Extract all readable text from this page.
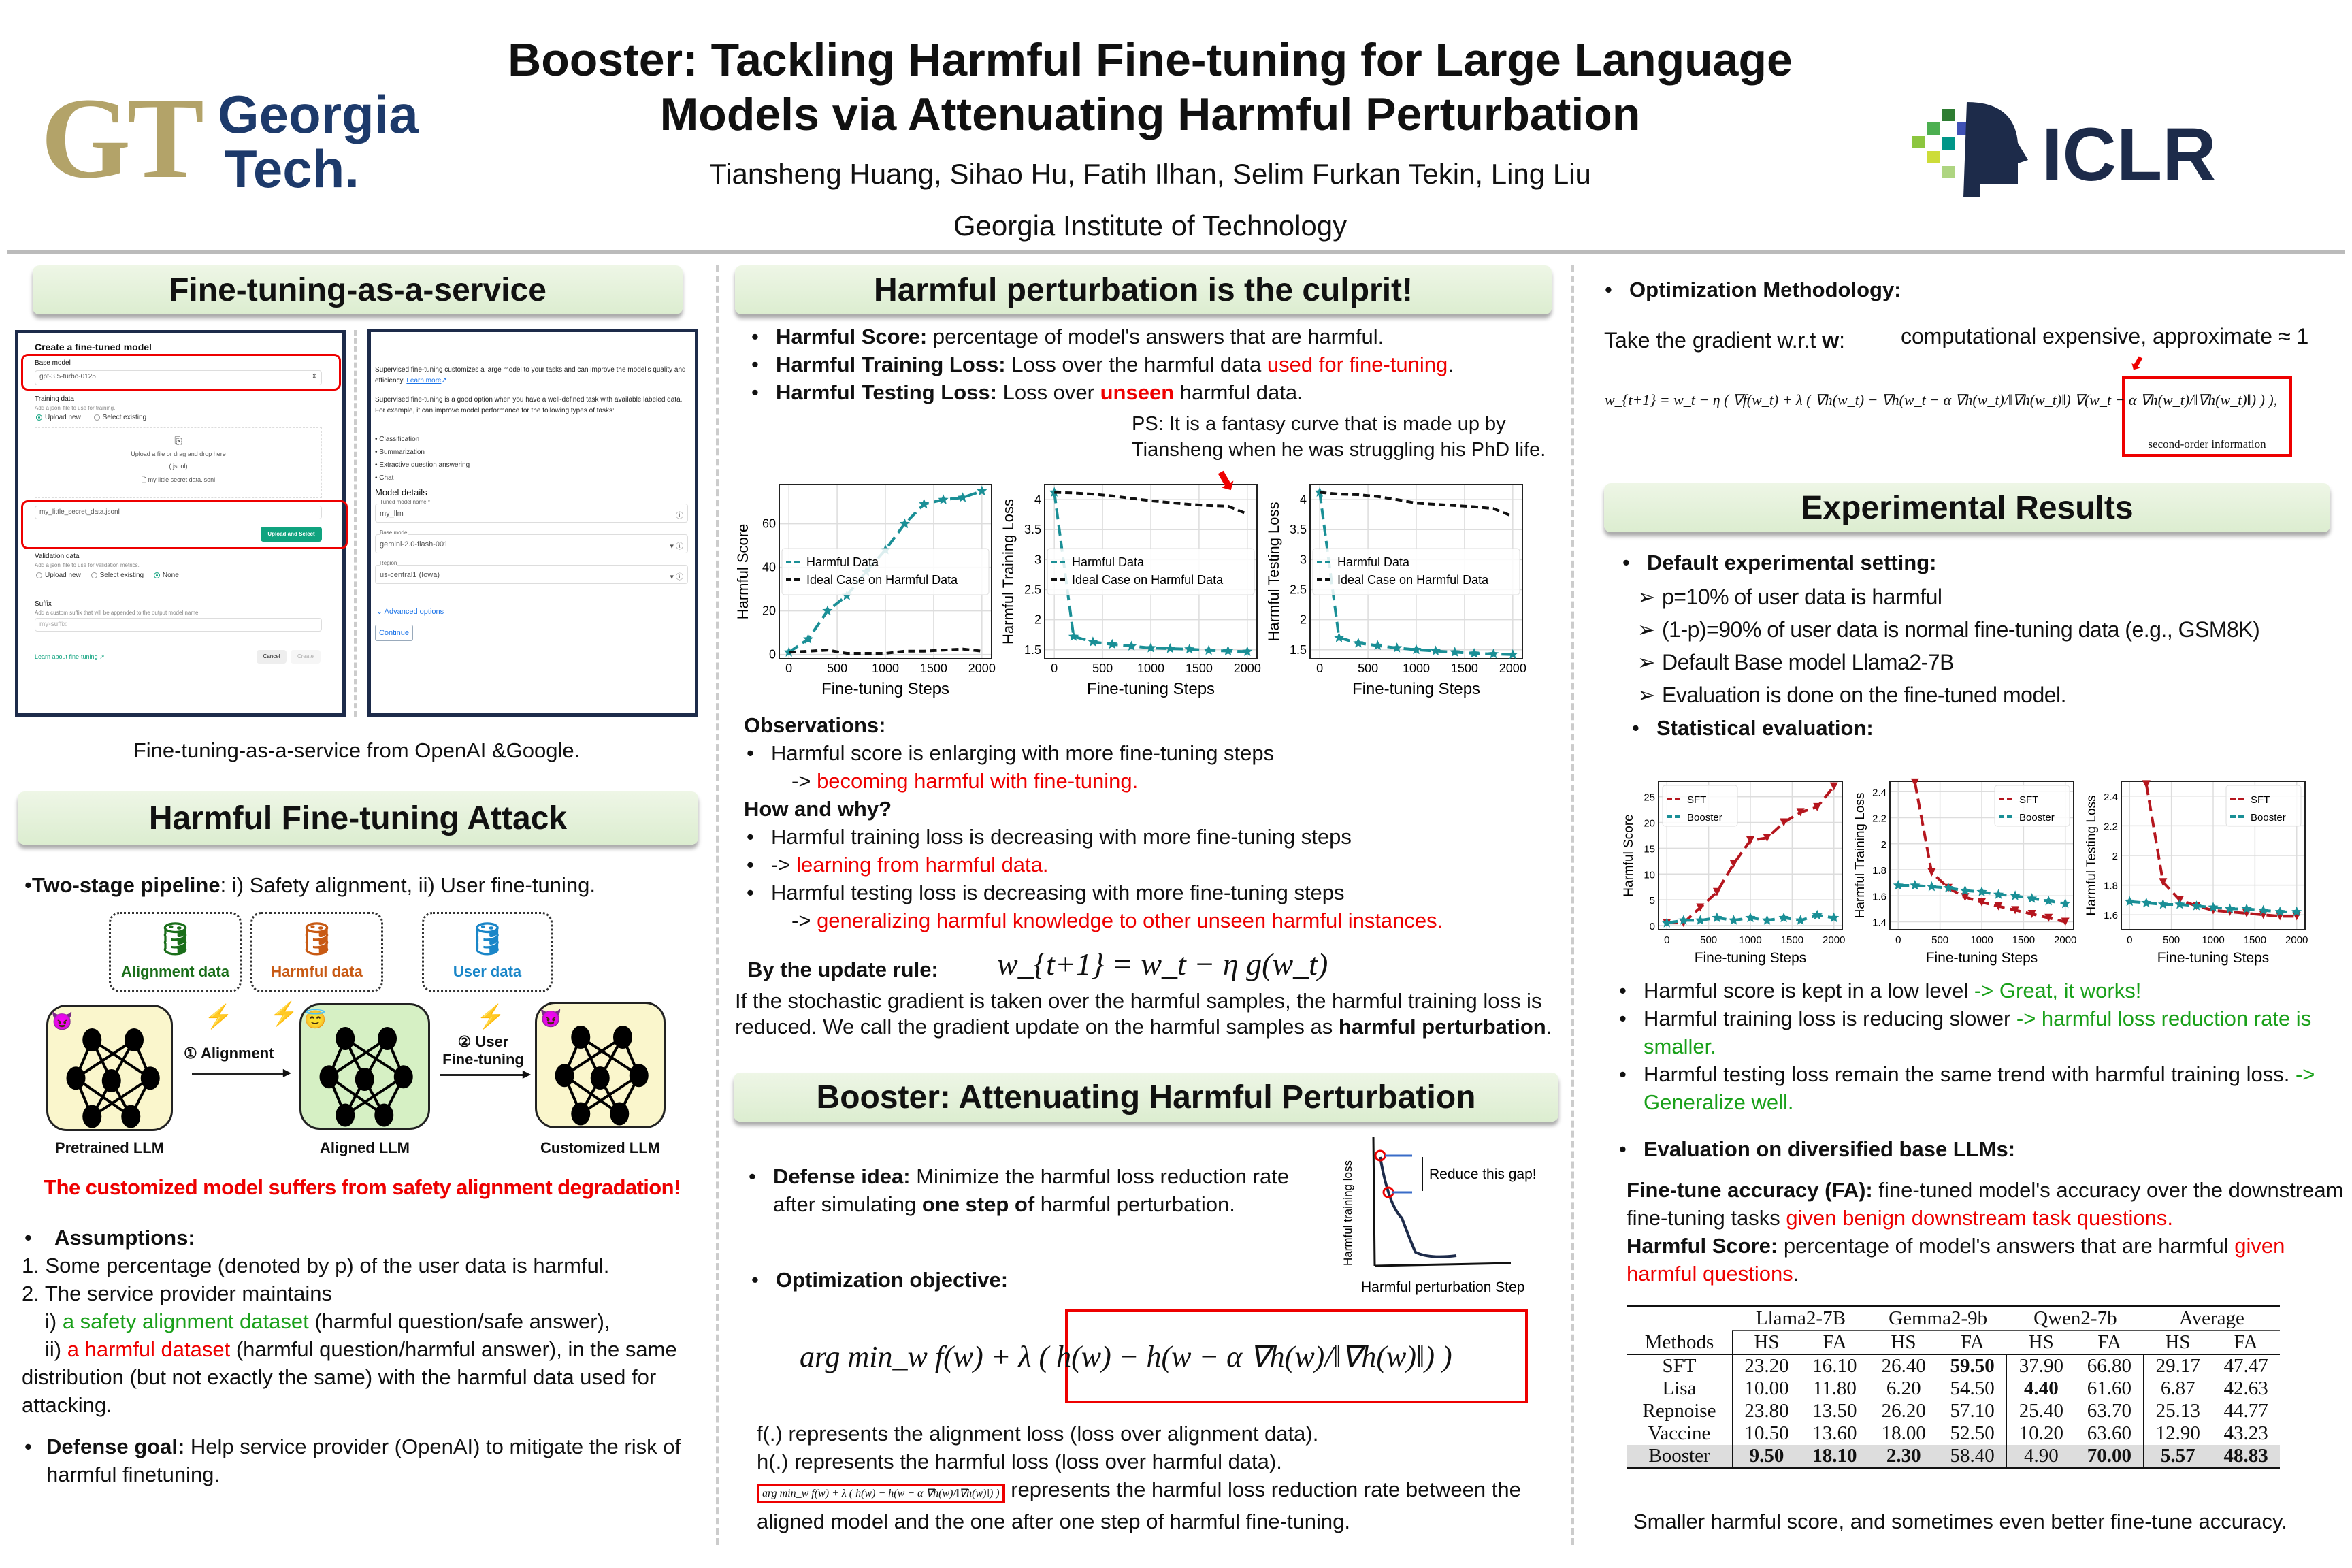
GT Georgia
Tech.	ICLR
Booster: Tackling Harmful Fine-tuning for Large Language
Models via Attenuating Harmful Perturbation
Tiansheng Huang, Sihao Hu, Fatih Ilhan, Selim Furkan Tekin, Ling Liu
Georgia Institute of Technology
Fine-tuning-as-a-service
Create a fine-tuned model
Base model
gpt-3.5-turbo-0125	⇕
Training data
Add a jsonl file to use for training.
Upload new	Select existing
⎘
Upload a file or drag and drop here
(.jsonl)
🗋 my little secret data.jsonl
my_little_secret_data.jsonl
Upload and Select
Validation data
Add a jsonl file to use for validation metrics.
Upload new	Select existing	None
Suffix
Add a custom suffix that will be appended to the output model name.
my-suffix
Learn about fine-tuning ↗	Cancel	Create
Supervised fine-tuning customizes a large model to your tasks and can improve the model's quality and efficiency. Learn more↗
Supervised fine-tuning is a good option when you have a well-defined task with available labeled data. For example, it can improve model performance for the following types of tasks:
• Classification
• Summarization
• Extractive question answering
• Chat
Model details
Tuned model name *
my_llm	ⓘ
Base model
gemini-2.0-flash-001	▾ ⓘ
Region
us-central1 (Iowa)	▾ ⓘ
⌄ Advanced options
Continue
Fine-tuning-as-a-service from OpenAI &Google.
Harmful Fine-tuning Attack
•Two-stage pipeline: i) Safety alignment, ii) User fine-tuning.
🛢
Alignment data
🛢
Harmful data
🛢
User data
😈	😇	😈
⚡ ⚡	⚡
① Alignment
▶
② User
Fine-tuning
▶
Pretrained LLM	Aligned LLM	Customized LLM
The customized model suffers from safety alignment degradation!
• Assumptions:
1. Some percentage (denoted by p) of the user data is harmful.
2. The service provider maintains
i) a safety alignment dataset (harmful question/safe answer),
ii) a harmful dataset (harmful question/harmful answer), in the same distribution (but not exactly the same) with the harmful data used for attacking.
• Defense goal: Help service provider (OpenAI) to mitigate the risk of harmful finetuning.
Harmful perturbation is the culprit!
• Harmful Score: percentage of model's answers that are harmful.
• Harmful Training Loss: Loss over the harmful data used for fine-tuning.
• Harmful Testing Loss: Loss over unseen harmful data.
PS: It is a fantasy curve that is made up by
Tiansheng when he was struggling his PhD life.
0	500 1000 1500 2000
0
20
40
60
Fine-tuning Steps
Harmful Score	Harmful Data
Ideal Case on Harmful Data
0	500 1000 1500 2000
1.5
2
2.5
3
3.5
4
Fine-tuning Steps
Harmful Training Loss	Harmful Data
Ideal Case on Harmful Data
0	500 1000 1500 2000
1.5
2
2.5
3
3.5
4
Fine-tuning Steps
Harmful Testing Loss	Harmful Data
Ideal Case on Harmful Data
⬇
Observations:
• Harmful score is enlarging with more fine-tuning steps
-> becoming harmful with fine-tuning.
How and why?
• Harmful training loss is decreasing with more fine-tuning steps
• -> learning from harmful data.
• Harmful testing loss is decreasing with more fine-tuning steps
-> generalizing harmful knowledge to other unseen harmful instances.
By the update rule: w_{t+1} = w_t − η g(w_t)
If the stochastic gradient is taken over the harmful samples, the harmful training loss is reduced. We call the gradient update on the harmful samples as harmful perturbation.
Booster: Attenuating Harmful Perturbation
• Defense idea: Minimize the harmful loss reduction rate after simulating one step of harmful perturbation.	Harmful training loss
Harmful perturbation Step
Reduce this gap!
• Optimization objective:
arg min_w f(w) + λ ( h(w) − h(w − α ∇h(w)/‖∇h(w)‖) )
f(.) represents the alignment loss (loss over alignment data).
h(.) represents the harmful loss (loss over harmful data).
arg min_w f(w) + λ ( h(w) − h(w − α ∇h(w)/‖∇h(w)‖) ) represents the harmful loss reduction rate between the aligned model and the one after one step of harmful fine-tuning.
• Optimization Methodology:
Take the gradient w.r.t w:	computational expensive, approximate ≈ 1
⬇
w_{t+1} = w_t − η ( ∇f(w_t) + λ ( ∇h(w_t) − ∇h(w_t − α ∇h(w_t)/‖∇h(w_t)‖) ∇(w_t − α ∇h(w_t)/‖∇h(w_t)‖) ) ),
second-order information
Experimental Results
• Default experimental setting:
➢ p=10% of user data is harmful
➢ (1-p)=90% of user data is normal fine-tuning data (e.g., GSM8K)
➢ Default Base model Llama2-7B
➢ Evaluation is done on the fine-tuned model.
• Statistical evaluation:
0	500 1000 1500 2000
0
5
10
15
20
25
Fine-tuning Steps
Harmful Score
SFT
Booster
0	500 1000 1500 2000
1.4
1.6
1.8
2
2.2
2.4
Fine-tuning Steps
Harmful Training Loss	SFT
Booster
0	500 1000 1500 2000
1.6
1.8
2
2.2
2.4
Fine-tuning Steps
Harmful Testing Loss	SFT
Booster
• Harmful score is kept in a low level -> Great, it works!
• Harmful training loss is reducing slower -> harmful loss reduction rate is smaller.
• Harmful testing loss remain the same trend with harmful training loss. -> Generalize well.
• Evaluation on diversified base LLMs:
Fine-tune accuracy (FA): fine-tuned model's accuracy over the downstream fine-tuning tasks given benign downstream task questions.
Harmful Score: percentage of model's answers that are harmful given harmful questions.
	Llama2-7B		Gemma2-9b		Qwen2-7b		Average	
Methods	HS	FA	HS	FA	HS	FA	HS	FA
SFT	23.20	16.10	26.40	59.50	37.90	66.80	29.17	47.47
Lisa	10.00	11.80	6.20	54.50	4.40	61.60	6.87	42.63
Repnoise	23.80	13.50	26.20	57.10	25.40	63.70	25.13	44.77
Vaccine	10.50	13.60	18.00	52.50	10.20	63.60	12.90	43.23
Booster	9.50	18.10	2.30	58.40	4.90	70.00	5.57	48.83
Smaller harmful score, and sometimes even better fine-tune accuracy.
